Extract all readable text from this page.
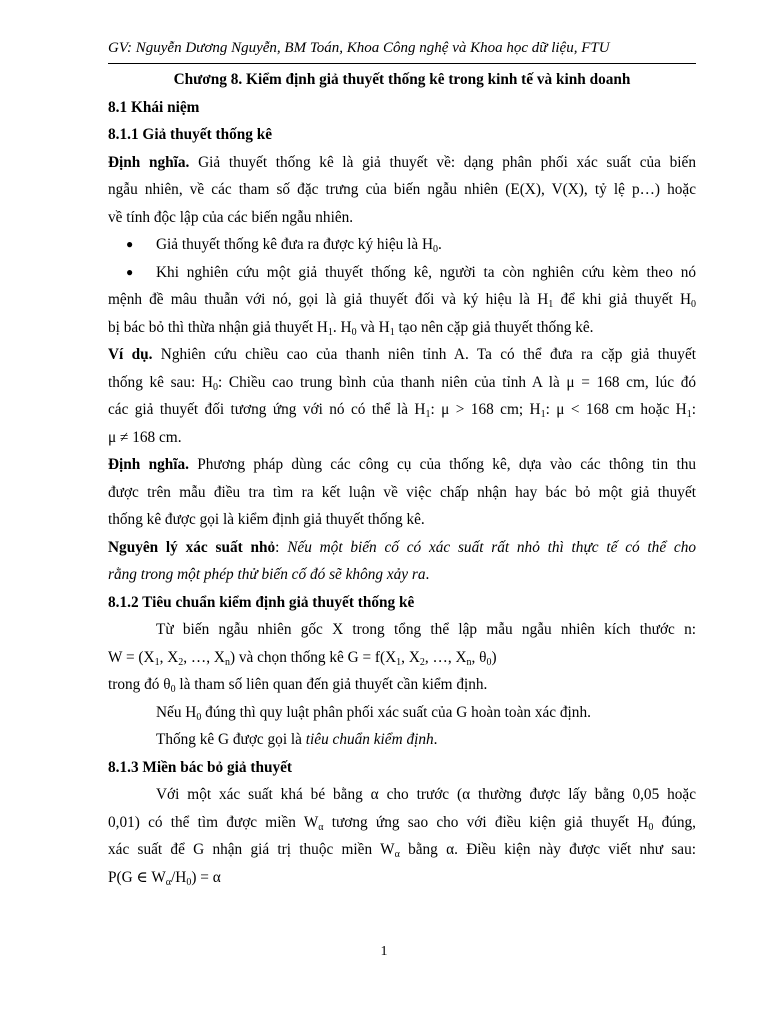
GV: Nguyễn Dương Nguyễn, BM Toán, Khoa Công nghệ và Khoa học dữ liệu, FTU
Chương 8. Kiểm định giả thuyết thống kê trong kinh tế và kinh doanh
8.1 Khái niệm
8.1.1 Giả thuyết thống kê
Định nghĩa. Giả thuyết thống kê là giả thuyết về: dạng phân phối xác suất của biến
ngẫu nhiên, về các tham số đặc trưng của biến ngẫu nhiên (E(X), V(X), tỷ lệ p…) hoặc
về tính độc lập của các biến ngẫu nhiên.
● Giả thuyết thống kê đưa ra được ký hiệu là $H_0$.
● Khi nghiên cứu một giả thuyết thống kê, người ta còn nghiên cứu kèm theo nó
mệnh đề mâu thuẫn với nó, gọi là giả thuyết đối và ký hiệu là $H_1$ để khi giả thuyết $H_0$
bị bác bỏ thì thừa nhận giả thuyết $H_1$. $H_0$ và $H_1$ tạo nên cặp giả thuyết thống kê.
Ví dụ. Nghiên cứu chiều cao của thanh niên tỉnh A. Ta có thể đưa ra cặp giả thuyết
thống kê sau: $H_0$: Chiều cao trung bình của thanh niên của tỉnh A là μ = 168 cm, lúc đó
các giả thuyết đối tương ứng với nó có thể là $H_1$: μ > 168 cm; $H_1$: μ < 168 cm hoặc $H_1$:
μ ≠ 168 cm.
Định nghĩa. Phương pháp dùng các công cụ của thống kê, dựa vào các thông tin thu
được trên mẫu điều tra tìm ra kết luận về việc chấp nhận hay bác bỏ một giả thuyết
thống kê được gọi là kiểm định giả thuyết thống kê.
Nguyên lý xác suất nhỏ: Nếu một biến cố có xác suất rất nhỏ thì thực tế có thể cho
rằng trong một phép thử biến cố đó sẽ không xảy ra.
8.1.2 Tiêu chuẩn kiểm định giả thuyết thống kê
Từ biến ngẫu nhiên gốc X trong tổng thể lập mẫu ngẫu nhiên kích thước n:
$W = (X_1$, $X_2$, …, $X_n$) và chọn thống kê $G = f(X_1$, $X_2$, …, $X_n$, $\theta_0$)
trong đó $\theta_0$ là tham số liên quan đến giả thuyết cần kiểm định.
Nếu $H_0$ đúng thì quy luật phân phối xác suất của G hoàn toàn xác định.
Thống kê G được gọi là tiêu chuẩn kiểm định.
8.1.3 Miền bác bỏ giả thuyết
Với một xác suất khá bé bằng α cho trước (α thường được lấy bằng 0,05 hoặc
0,01) có thể tìm được miền $W_\alpha$ tương ứng sao cho với điều kiện giả thuyết $H_0$ đúng,
xác suất để G nhận giá trị thuộc miền $W_\alpha$ bằng α. Điều kiện này được viết như sau:
P(G ∈ $W_\alpha/H_0) = \alpha$
1
